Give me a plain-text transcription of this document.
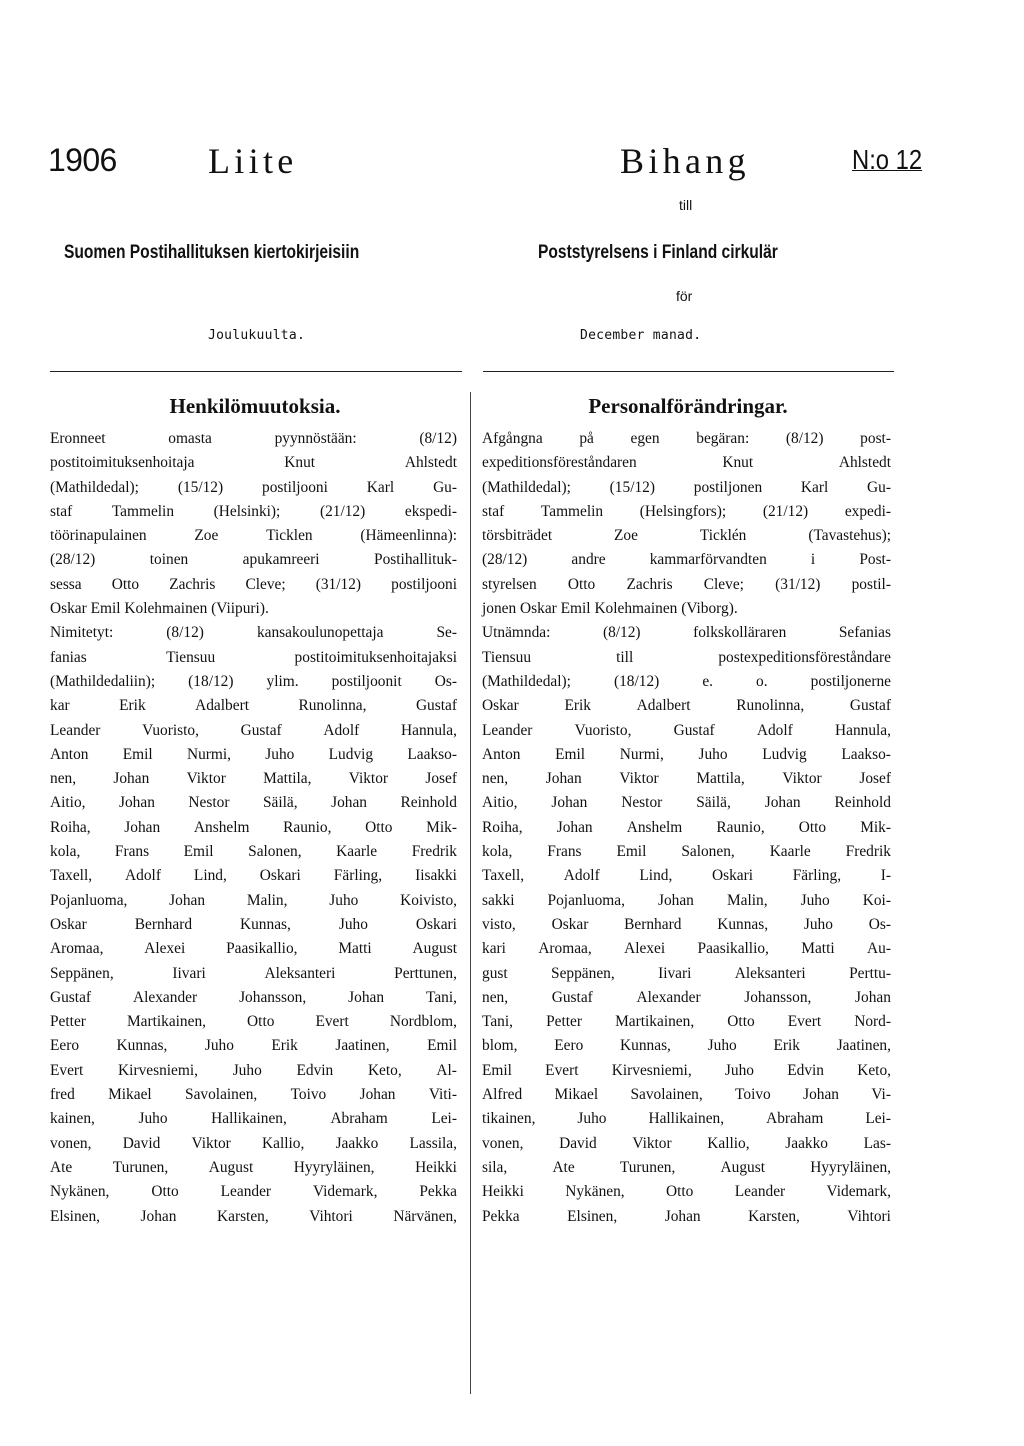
1906	Liite	Bihang	N:o 12
till
Suomen Postihallituksen kiertokirjeisiin	Poststyrelsens i Finland cirkulär
för
Joulukuulta.	December manad.
Henkilömuutoksia.
Eronneet	omasta	pyynnöstään:	(8/12)
postitoimituksenhoitaja	Knut	Ahlstedt
(Mathildedal);	(15/12)	postiljooni	Karl	Gu-
staf	Tammelin	(Helsinki);	(21/12)	ekspedi-
töörinapulainen	Zoe	Ticklen	(Hämeenlinna):
(28/12)	toinen	apukamreeri	Postihallituk-
sessa Otto Zachris Cleve; (31/12) postiljooni
Oskar Emil Kolehmainen (Viipuri).
Nimitetyt:	(8/12)	kansakoulunopettaja	Se-
fanias	Tiensuu	postitoimituksenhoitajaksi
(Mathildedaliin); (18/12) ylim. postiljoonit Os-
kar	Erik	Adalbert	Runolinna,	Gustaf
Leander	Vuoristo,	Gustaf	Adolf	Hannula,
Anton Emil Nurmi, Juho Ludvig Laakso-
nen, Johan Viktor Mattila, Viktor Josef
Aitio, Johan Nestor Säilä, Johan Reinhold
Roiha, Johan Anshelm Raunio, Otto Mik-
kola, Frans Emil Salonen, Kaarle Fredrik
Taxell, Adolf Lind, Oskari Färling, Iisakki
Pojanluoma,	Johan	Malin,	Juho	Koivisto,
Oskar	Bernhard	Kunnas,	Juho	Oskari
Aromaa,	Alexei	Paasikallio,	Matti	August
Seppänen,	Iivari	Aleksanteri	Perttunen,
Gustaf	Alexander	Johansson,	Johan	Tani,
Petter	Martikainen,	Otto	Evert	Nordblom,
Eero Kunnas, Juho Erik Jaatinen, Emil
Evert Kirvesniemi, Juho Edvin Keto, Al-
fred Mikael Savolainen, Toivo Johan Viti-
kainen,	Juho	Hallikainen,	Abraham	Lei-
vonen, David Viktor Kallio, Jaakko Lassila,
Ate	Turunen,	August	Hyyryläinen,	Heikki
Nykänen,	Otto	Leander	Videmark,	Pekka
Elsinen,	Johan	Karsten,	Vihtori	Närvänen,
Personalförändringar.
Afgångna på egen begäran: (8/12) post-
expeditionsföreståndaren	Knut	Ahlstedt
(Mathildedal);	(15/12)	postiljonen	Karl	Gu-
staf Tammelin (Helsingfors); (21/12) expedi-
törsbiträdet	Zoe	Ticklén	(Tavastehus);
(28/12)	andre	kammarförvandten	i	Post-
styrelsen Otto Zachris Cleve; (31/12) postil-
jonen Oskar Emil Kolehmainen (Viborg).
Utnämnda:	(8/12)	folkskolläraren	Sefanias
Tiensuu	till	postexpeditionsföreståndare
(Mathildedal);	(18/12)	e.	o.	postiljonerne
Oskar	Erik	Adalbert	Runolinna,	Gustaf
Leander	Vuoristo,	Gustaf	Adolf	Hannula,
Anton Emil Nurmi, Juho Ludvig Laakso-
nen, Johan Viktor Mattila, Viktor Josef
Aitio, Johan Nestor Säilä, Johan Reinhold
Roiha, Johan Anshelm Raunio, Otto Mik-
kola, Frans Emil Salonen, Kaarle Fredrik
Taxell,	Adolf	Lind,	Oskari	Färling,	I-
sakki Pojanluoma, Johan Malin, Juho Koi-
visto, Oskar Bernhard Kunnas, Juho Os-
kari Aromaa, Alexei Paasikallio, Matti Au-
gust	Seppänen,	Iivari	Aleksanteri	Perttu-
nen,	Gustaf	Alexander	Johansson,	Johan
Tani, Petter Martikainen, Otto Evert Nord-
blom, Eero Kunnas, Juho Erik Jaatinen,
Emil Evert Kirvesniemi, Juho Edvin Keto,
Alfred Mikael Savolainen, Toivo Johan Vi-
tikainen,	Juho	Hallikainen,	Abraham	Lei-
vonen, David Viktor Kallio, Jaakko Las-
sila,	Ate	Turunen,	August	Hyyryläinen,
Heikki	Nykänen,	Otto	Leander	Videmark,
Pekka	Elsinen,	Johan	Karsten,	Vihtori
